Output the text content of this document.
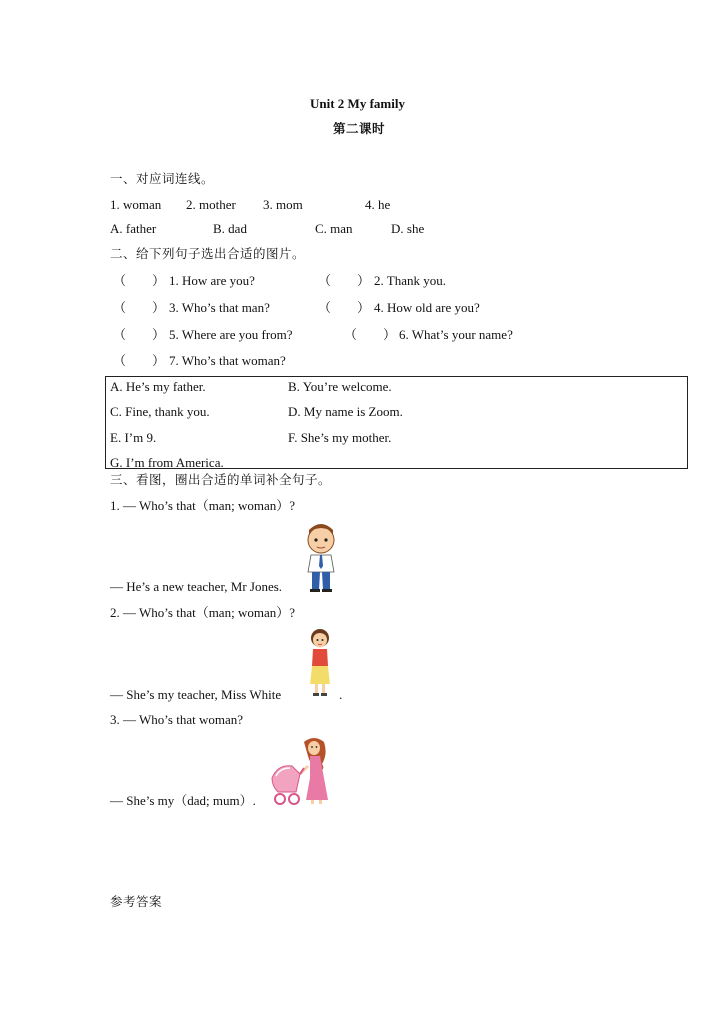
Unit 2 My family
第二课时
一、对应词连线。
1. woman 2. mother 3. mom	4. he
A. father	B. dad	C. man	D. she
二、给下列句子选出合适的图片。
（　　） 1. How are you?	（　　） 2. Thank you.
（　　） 3. Who’s that man?	（　　） 4. How old are you?
（　　） 5. Where are you from?	（　　） 6. What’s your name?
（　　） 7. Who’s that woman?
A. He’s my father.	B. You’re welcome.
C. Fine, thank you.	D. My name is Zoom.
E. I’m 9.	F. She’s my mother.
G. I’m from America.
三、看图，圈出合适的单词补全句子。
1. — Who’s that（man; woman）?
— He’s a new teacher, Mr Jones.
2. — Who’s that（man; woman）?
— She’s my teacher, Miss White	.
3. — Who’s that woman?
— She’s my（dad; mum）.
参考答案
